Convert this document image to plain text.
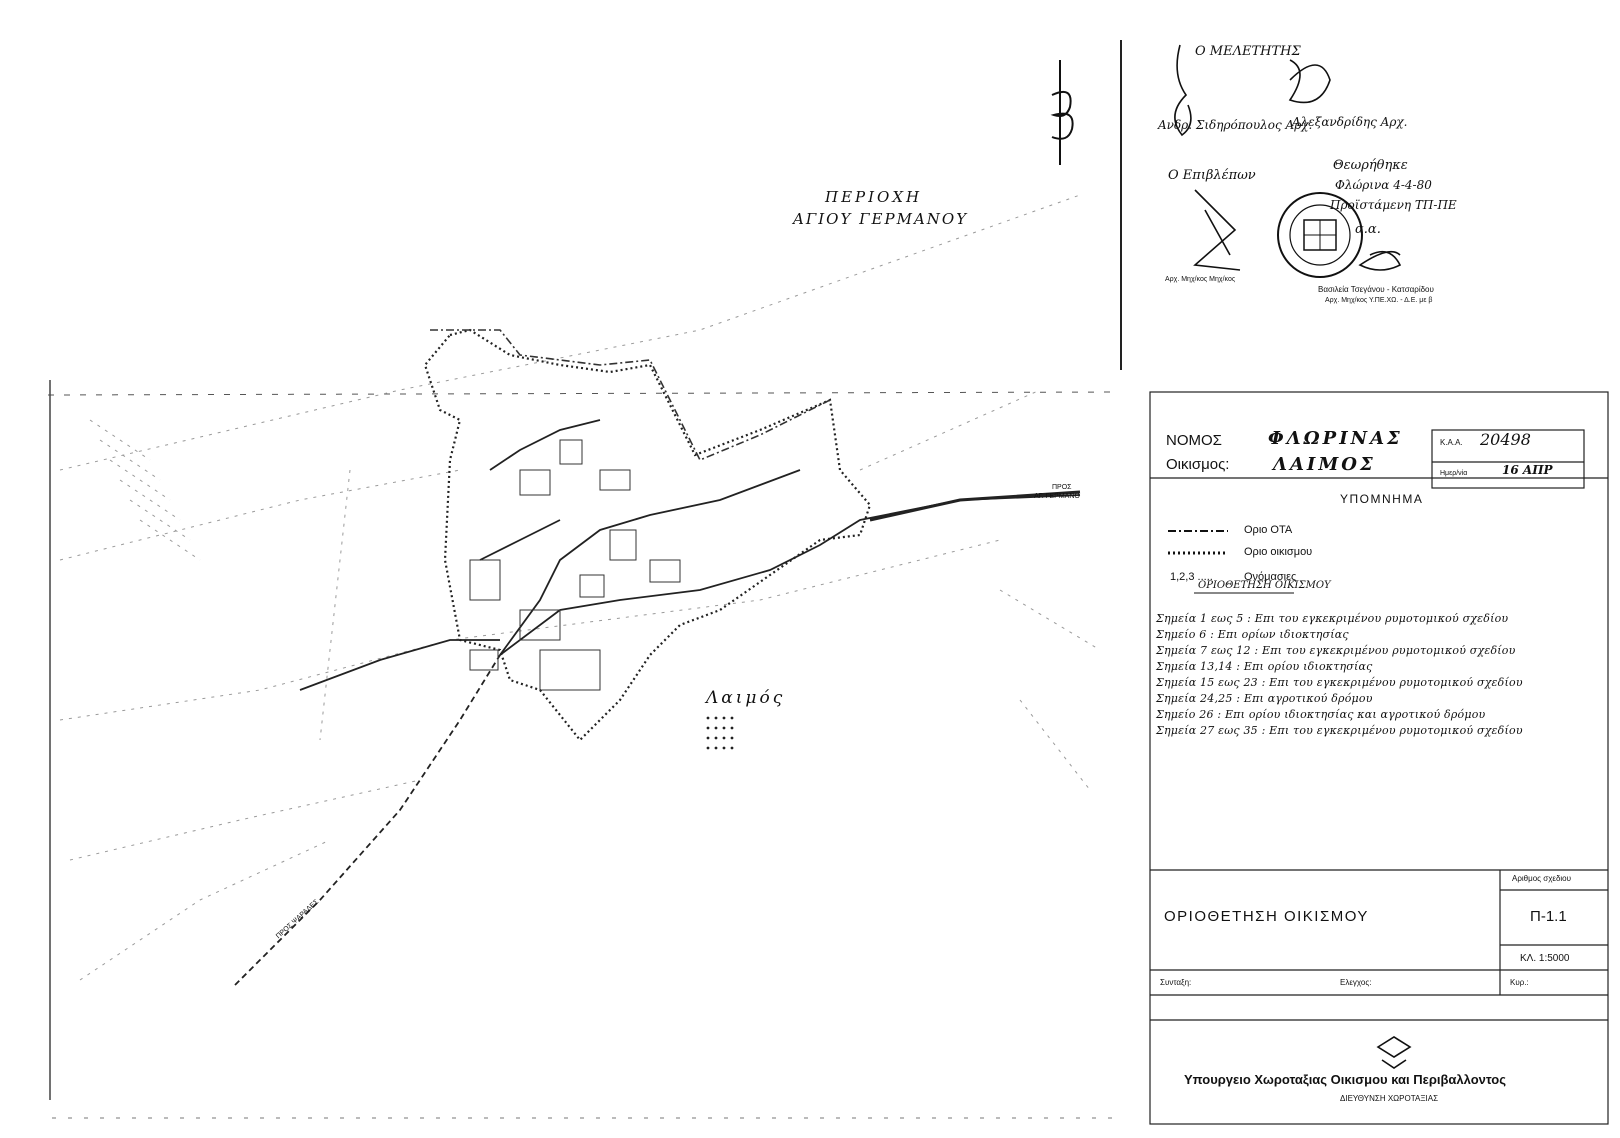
ΠΕΡΙΟΧΗ
ΑΓΙΟΥ ΓΕΡΜΑΝΟΥ
Λαιμός
ΠΡΟΣ
ΑΓ. ΓΕΡΜΑΝΟ
ΠΡΟΣ ΨΑΡΑΔΕΣ
Ο ΜΕΛΕΤΗΤΗΣ
Ανδρ. Σιδηρόπουλος Αρχ.
Αλεξανδρίδης Αρχ.
Ο Επιβλέπων
Θεωρήθηκε
Φλώρινα 4-4-80
Προϊστάμενη ΤΠ-ΠΕ
α.α.
Αρχ. Μηχ/κος Μηχ/κος
Βασιλεία Τσεγάνου - Κατσαρίδου
Αρχ. Μηχ/κος Υ.ΠΕ.ΧΩ. - Δ.Ε. με β
ΝΟΜΟΣ	ΦΛΩΡΙΝΑΣ
Οικισμος: ΛΑΙΜΟΣ
Κ.Α.Α. 20498
Ημερ/νία	16 ΑΠΡ
ΥΠΟΜΝΗΜΑ
Οριο ΟΤΑ
Οριο οικισμου
1,2,3 .....	Ονόμασιες
ΟΡΙΟΘΕΤΗΣΗ ΟΙΚΙΣΜΟΥ
Σημεία 1 εως 5 : Επι του εγκεκριμένου ρυμοτομικού σχεδίου
Σημείο 6 : Επι ορίων ιδιοκτησίας
Σημεία 7 εως 12 : Επι του εγκεκριμένου ρυμοτομικού σχεδίου
Σημεία 13,14 : Επι ορίου ιδιοκτησίας
Σημεία 15 εως 23 : Επι του εγκεκριμένου ρυμοτομικού σχεδίου
Σημεία 24,25 : Επι αγροτικού δρόμου
Σημείο 26 : Επι ορίου ιδιοκτησίας και αγροτικού δρόμου
Σημεία 27 εως 35 : Επι του εγκεκριμένου ρυμοτομικού σχεδίου
ΟΡΙΟΘΕΤΗΣΗ ΟΙΚΙΣΜΟΥ
Αριθμος σχεδιου
Π-1.1
ΚΛ. 1:5000
Συνταξη:	Ελεγχος:	Κυρ.:
Υπουργειο Χωροταξιας Οικισμου και Περιβαλλοντος
ΔΙΕΥΘΥΝΣΗ ΧΩΡΟΤΑΞΙΑΣ
